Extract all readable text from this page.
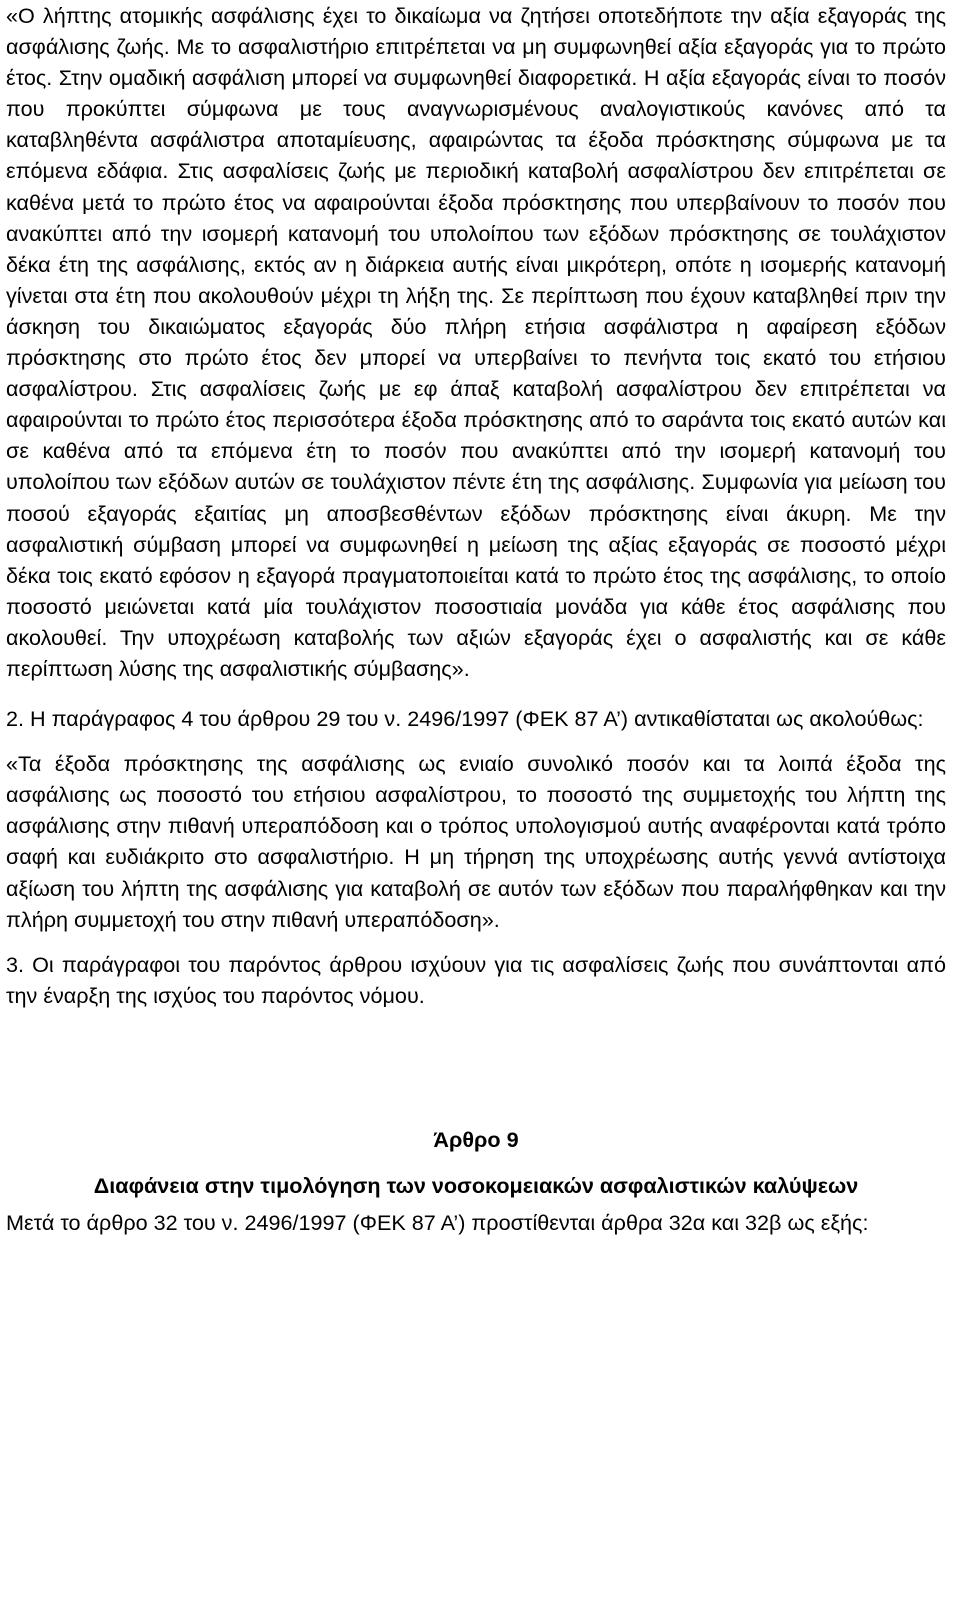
«Ο λήπτης ατομικής ασφάλισης έχει το δικαίωμα να ζητήσει οποτεδήποτε την αξία εξαγοράς της ασφάλισης ζωής. Με το ασφαλιστήριο επιτρέπεται να μη συμφωνηθεί αξία εξαγοράς για το πρώτο έτος. Στην ομαδική ασφάλιση μπορεί να συμφωνηθεί διαφορετικά. Η αξία εξαγοράς είναι το ποσόν που προκύπτει σύμφωνα με τους αναγνωρισμένους αναλογιστικούς κανόνες από τα καταβληθέντα ασφάλιστρα αποταμίευσης, αφαιρώντας τα έξοδα πρόσκτησης σύμφωνα με τα επόμενα εδάφια. Στις ασφαλίσεις ζωής με περιοδική καταβολή ασφαλίστρου δεν επιτρέπεται σε καθένα μετά το πρώτο έτος να αφαιρούνται έξοδα πρόσκτησης που υπερβαίνουν το ποσόν που ανακύπτει από την ισομερή κατανομή του υπολοίπου των εξόδων πρόσκτησης σε τουλάχιστον δέκα έτη της ασφάλισης, εκτός αν η διάρκεια αυτής είναι μικρότερη, οπότε η ισομερής κατανομή γίνεται στα έτη που ακολουθούν μέχρι τη λήξη της. Σε περίπτωση που έχουν καταβληθεί πριν την άσκηση του δικαιώματος εξαγοράς δύο πλήρη ετήσια ασφάλιστρα η αφαίρεση εξόδων πρόσκτησης στο πρώτο έτος δεν μπορεί να υπερβαίνει το πενήντα τοις εκατό του ετήσιου ασφαλίστρου. Στις ασφαλίσεις ζωής με εφ άπαξ καταβολή ασφαλίστρου δεν επιτρέπεται να αφαιρούνται το πρώτο έτος περισσότερα έξοδα πρόσκτησης από το σαράντα τοις εκατό αυτών και σε καθένα από τα επόμενα έτη το ποσόν που ανακύπτει από την ισομερή κατανομή του υπολοίπου των εξόδων αυτών σε τουλάχιστον πέντε έτη της ασφάλισης. Συμφωνία για μείωση του ποσού εξαγοράς εξαιτίας μη αποσβεσθέντων εξόδων πρόσκτησης είναι άκυρη. Με την ασφαλιστική σύμβαση μπορεί να συμφωνηθεί η μείωση της αξίας εξαγοράς σε ποσοστό μέχρι δέκα τοις εκατό εφόσον η εξαγορά πραγματοποιείται κατά το πρώτο έτος της ασφάλισης, το οποίο ποσοστό μειώνεται κατά μία τουλάχιστον ποσοστιαία μονάδα για κάθε έτος ασφάλισης που ακολουθεί. Την υποχρέωση καταβολής των αξιών εξαγοράς έχει ο ασφαλιστής και σε κάθε περίπτωση λύσης της ασφαλιστικής σύμβασης».

2. Η παράγραφος 4 του άρθρου 29 του ν. 2496/1997 (ΦΕΚ 87 Α’) αντικαθίσταται ως ακολούθως:

«Τα έξοδα πρόσκτησης της ασφάλισης ως ενιαίο συνολικό ποσόν και τα λοιπά έξοδα της ασφάλισης ως ποσοστό του ετήσιου ασφαλίστρου, το ποσοστό της συμμετοχής του λήπτη της ασφάλισης στην πιθανή υπεραπόδοση και ο τρόπος υπολογισμού αυτής αναφέρονται κατά τρόπο σαφή και ευδιάκριτο στο ασφαλιστήριο. Η μη τήρηση της υποχρέωσης αυτής γεννά αντίστοιχα αξίωση του λήπτη της ασφάλισης για καταβολή σε αυτόν των εξόδων που παραλήφθηκαν και την πλήρη συμμετοχή του στην πιθανή υπεραπόδοση».

3. Οι παράγραφοι του παρόντος άρθρου ισχύουν για τις ασφαλίσεις ζωής που συνάπτονται από την έναρξη της ισχύος του παρόντος νόμου.

Άρθρο 9
Διαφάνεια στην τιμολόγηση των νοσοκομειακών ασφαλιστικών καλύψεων

Μετά το άρθρο 32 του ν. 2496/1997 (ΦΕΚ 87 Α’) προστίθενται άρθρα 32α και 32β ως εξής:
